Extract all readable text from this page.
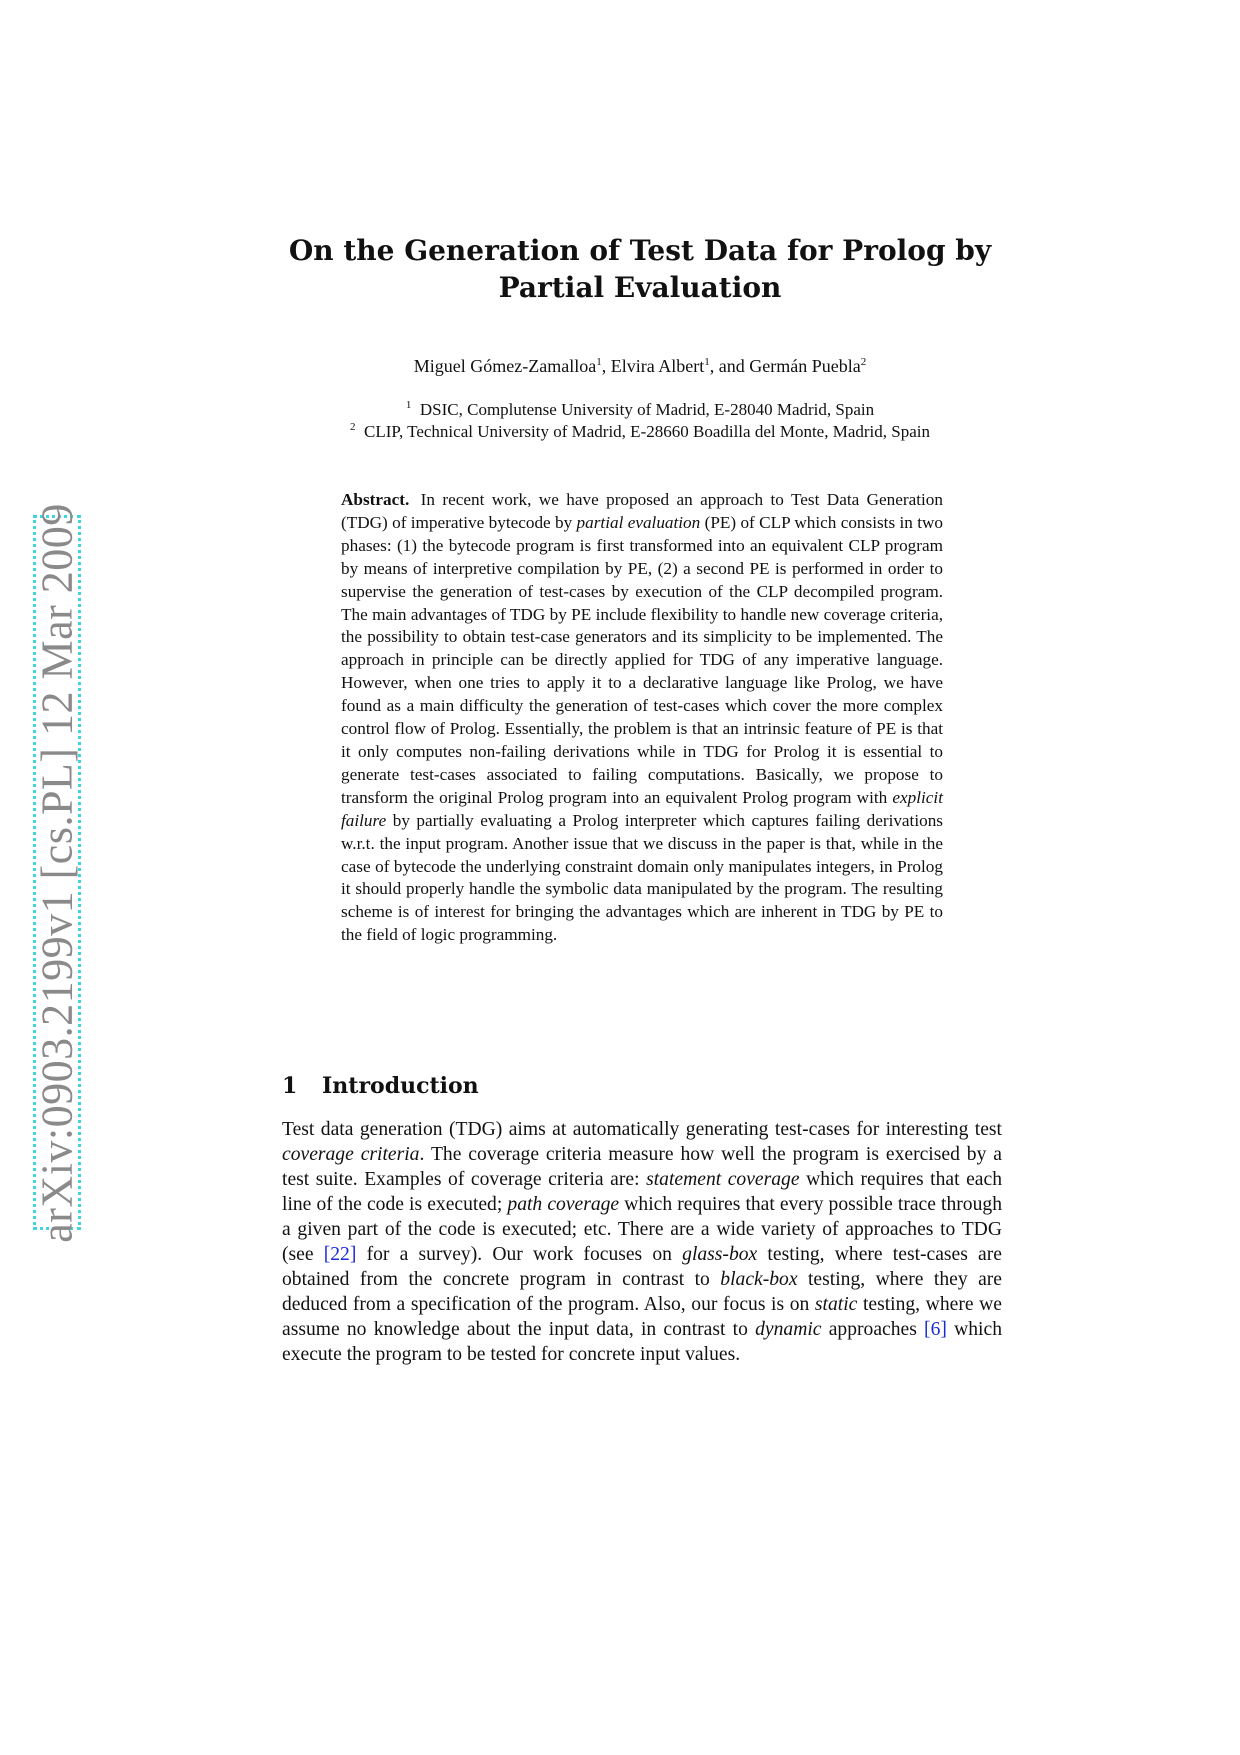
arXiv:0903.2199v1 [cs.PL] 12 Mar 2009
On the Generation of Test Data for Prolog by
Partial Evaluation
Miguel Gómez-Zamalloa$^1$, Elvira Albert$^1$, and Germán Puebla$^2$
$^1$ DSIC, Complutense University of Madrid, E-28040 Madrid, Spain
$^2$ CLIP, Technical University of Madrid, E-28660 Boadilla del Monte, Madrid, Spain
Abstract. In recent work, we have proposed an approach to Test Data Generation (TDG) of imperative bytecode by partial evaluation (PE) of CLP which consists in two phases: (1) the bytecode program is first transformed into an equivalent CLP program by means of interpretive compilation by PE, (2) a second PE is performed in order to supervise the generation of test-cases by execution of the CLP decompiled program. The main advantages of TDG by PE include flexibility to handle new coverage criteria, the possibility to obtain test-case generators and its simplicity to be implemented. The approach in principle can be directly applied for TDG of any imperative language. However, when one tries to apply it to a declarative language like Prolog, we have found as a main difficulty the generation of test-cases which cover the more complex control flow of Prolog. Essentially, the problem is that an intrinsic feature of PE is that it only computes non-failing derivations while in TDG for Prolog it is essential to generate test-cases associated to failing computations. Basically, we propose to transform the original Prolog program into an equivalent Prolog program with explicit failure by partially evaluating a Prolog interpreter which captures failing derivations w.r.t. the input program. Another issue that we discuss in the paper is that, while in the case of bytecode the underlying constraint domain only manipulates integers, in Prolog it should properly handle the symbolic data manipulated by the program. The resulting scheme is of interest for bringing the advantages which are inherent in TDG by PE to the field of logic programming.
1 Introduction
Test data generation (TDG) aims at automatically generating test-cases for interesting test coverage criteria. The coverage criteria measure how well the program is exercised by a test suite. Examples of coverage criteria are: statement coverage which requires that each line of the code is executed; path coverage which requires that every possible trace through a given part of the code is executed; etc. There are a wide variety of approaches to TDG (see [22] for a survey). Our work focuses on glass-box testing, where test-cases are obtained from the concrete program in contrast to black-box testing, where they are deduced from a specification of the program. Also, our focus is on static testing, where we assume no knowledge about the input data, in contrast to dynamic approaches [6] which execute the program to be tested for concrete input values.
